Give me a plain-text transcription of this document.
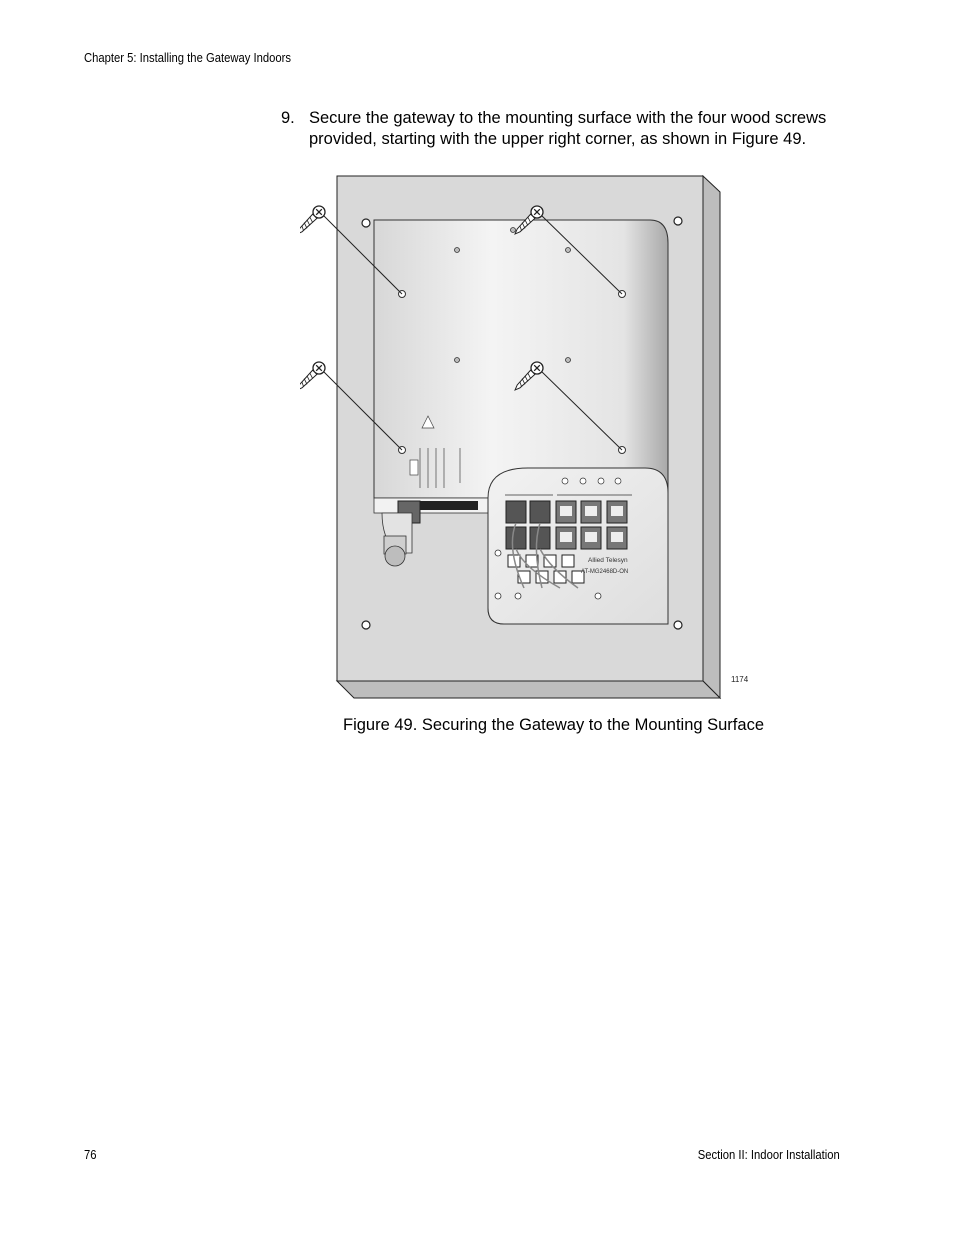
Chapter 5: Installing the Gateway Indoors
9. Secure the gateway to the mounting surface with the four wood screws provided, starting with the upper right corner, as shown in Figure 49.
Allied Telesyn
AT-MG2468D-ON
1174
Figure 49. Securing the Gateway to the Mounting Surface
76	Section II: Indoor Installation
